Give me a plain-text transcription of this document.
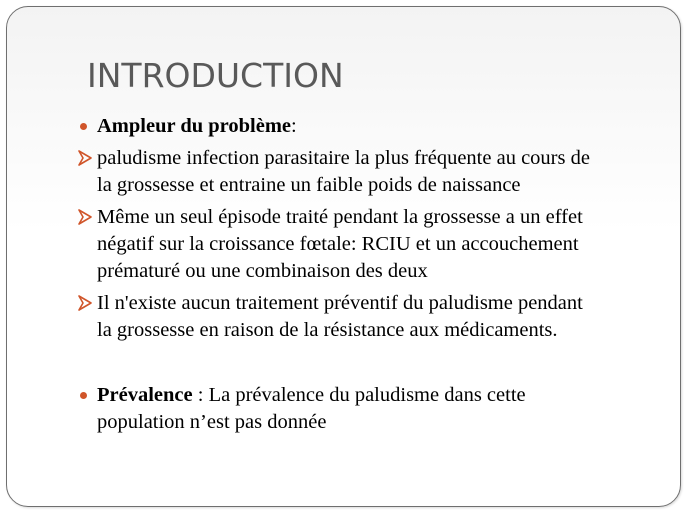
INTRODUCTION
Ampleur du problème:
paludisme infection parasitaire la plus fréquente au cours de
la grossesse et entraine un faible poids de naissance
Même un seul épisode traité pendant la grossesse a un effet
négatif sur la croissance fœtale: RCIU et un accouchement
prématuré ou une combinaison des deux
Il n'existe aucun traitement préventif du paludisme pendant
la grossesse en raison de la résistance aux médicaments.
Prévalence : La prévalence du paludisme dans cette
population n’est pas donnée
